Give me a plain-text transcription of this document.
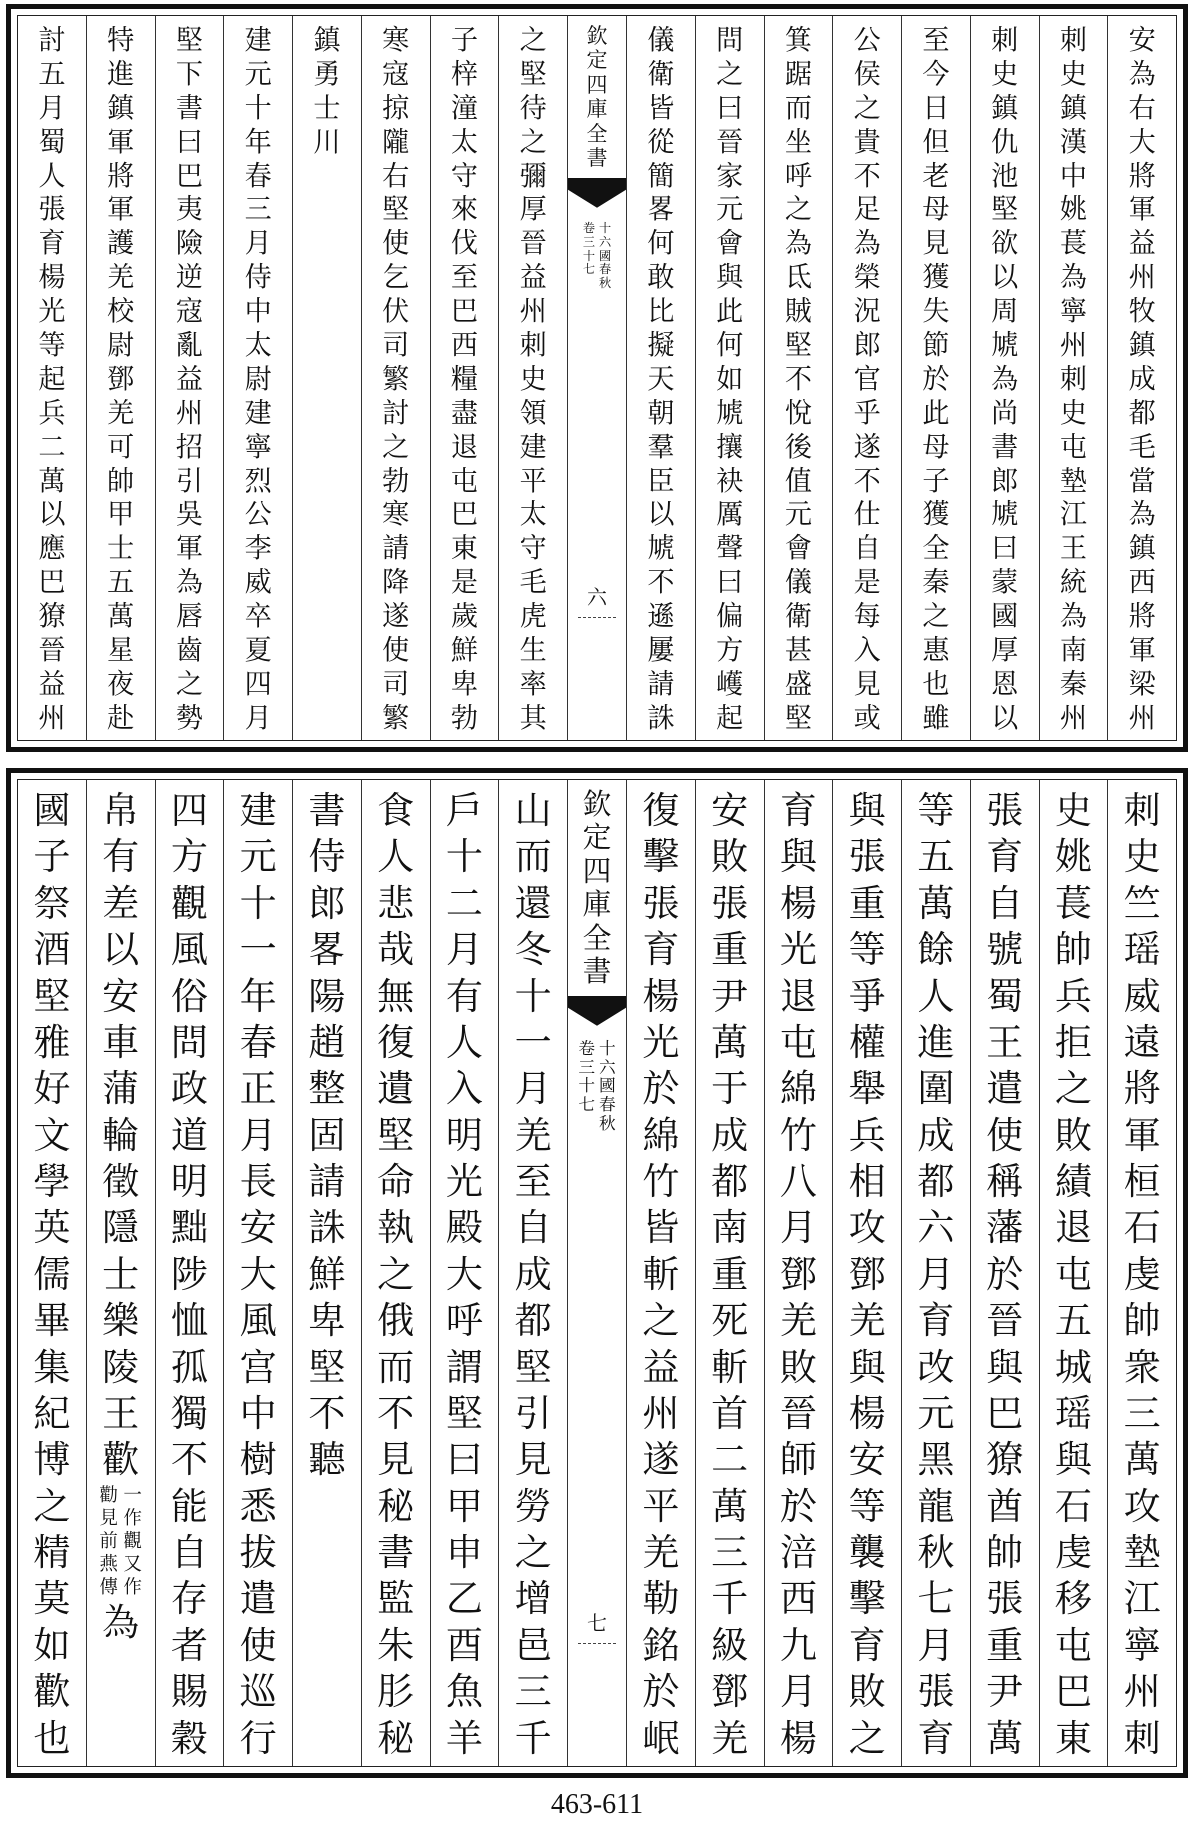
安
為
右
大
將
軍
益
州
牧
鎮
成
都
毛
當
為
鎮
西
將
軍
梁
州
刺
史
鎮
漢
中
姚
萇
為
寧
州
刺
史
屯
墊
江
王
統
為
南
秦
州
刺
史
鎮
仇
池
堅
欲
以
周
虓
為
尚
書
郎
虓
曰
蒙
國
厚
恩
以
至
今
日
但
老
母
見
獲
失
節
於
此
母
子
獲
全
秦
之
惠
也
雖
公
侯
之
貴
不
足
為
榮
況
郎
官
乎
遂
不
仕
自
是
每
入
見
或
箕
踞
而
坐
呼
之
為
氐
賊
堅
不
悅
後
值
元
會
儀
衛
甚
盛
堅
問
之
曰
晉
家
元
會
與
此
何
如
虓
攘
袂
厲
聲
曰
偏
方
㠛
起
儀
衛
皆
從
簡
畧
何
敢
比
擬
天
朝
羣
臣
以
虓
不
遜
屢
請
誅
欽
定
四
庫
全
書
十
六
國
春
秋
卷
三
十
七
六
之
堅
待
之
彌
厚
晉
益
州
刺
史
領
建
平
太
守
毛
虎
生
率
其
子
梓
潼
太
守
來
伐
至
巴
西
糧
盡
退
屯
巴
東
是
歲
鮮
卑
勃
寒
寇
掠
隴
右
堅
使
乞
伏
司
繁
討
之
勃
寒
請
降
遂
使
司
繁
鎮
勇
士
川
建
元
十
年
春
三
月
侍
中
太
尉
建
寧
烈
公
李
威
卒
夏
四
月
堅
下
書
曰
巴
夷
險
逆
寇
亂
益
州
招
引
吳
軍
為
唇
齒
之
勢
特
進
鎮
軍
將
軍
護
羌
校
尉
鄧
羌
可
帥
甲
士
五
萬
星
夜
赴
討
五
月
蜀
人
張
育
楊
光
等
起
兵
二
萬
以
應
巴
獠
晉
益
州
刺
史
竺
瑶
威
遠
將
軍
桓
石
虔
帥
衆
三
萬
攻
墊
江
寧
州
刺
史
姚
萇
帥
兵
拒
之
敗
績
退
屯
五
城
瑶
與
石
虔
移
屯
巴
東
張
育
自
號
蜀
王
遣
使
稱
藩
於
晉
與
巴
獠
酋
帥
張
重
尹
萬
等
五
萬
餘
人
進
圍
成
都
六
月
育
改
元
黑
龍
秋
七
月
張
育
與
張
重
等
爭
權
舉
兵
相
攻
鄧
羌
與
楊
安
等
襲
擊
育
敗
之
育
與
楊
光
退
屯
綿
竹
八
月
鄧
羌
敗
晉
師
於
涪
西
九
月
楊
安
敗
張
重
尹
萬
于
成
都
南
重
死
斬
首
二
萬
三
千
級
鄧
羌
復
擊
張
育
楊
光
於
綿
竹
皆
斬
之
益
州
遂
平
羌
勒
銘
於
岷
欽
定
四
庫
全
書
十
六
國
春
秋
卷
三
十
七
七
山
而
還
冬
十
一
月
羌
至
自
成
都
堅
引
見
勞
之
增
邑
三
千
戶
十
二
月
有
人
入
明
光
殿
大
呼
謂
堅
曰
甲
申
乙
酉
魚
羊
食
人
悲
哉
無
復
遺
堅
命
執
之
俄
而
不
見
秘
書
監
朱
肜
秘
書
侍
郎
畧
陽
趙
整
固
請
誅
鮮
卑
堅
不
聽
建
元
十
一
年
春
正
月
長
安
大
風
宫
中
樹
悉
拔
遣
使
巡
行
四
方
觀
風
俗
問
政
道
明
黜
陟
恤
孤
獨
不
能
自
存
者
賜
穀
帛
有
差
以
安
車
蒲
輪
徵
隱
士
樂
陵
王
歡
一
作
觀
又
作
勸
見
前
燕
傳
為
國
子
祭
酒
堅
雅
好
文
學
英
儒
畢
集
紀
博
之
精
莫
如
歡
也
463-611
